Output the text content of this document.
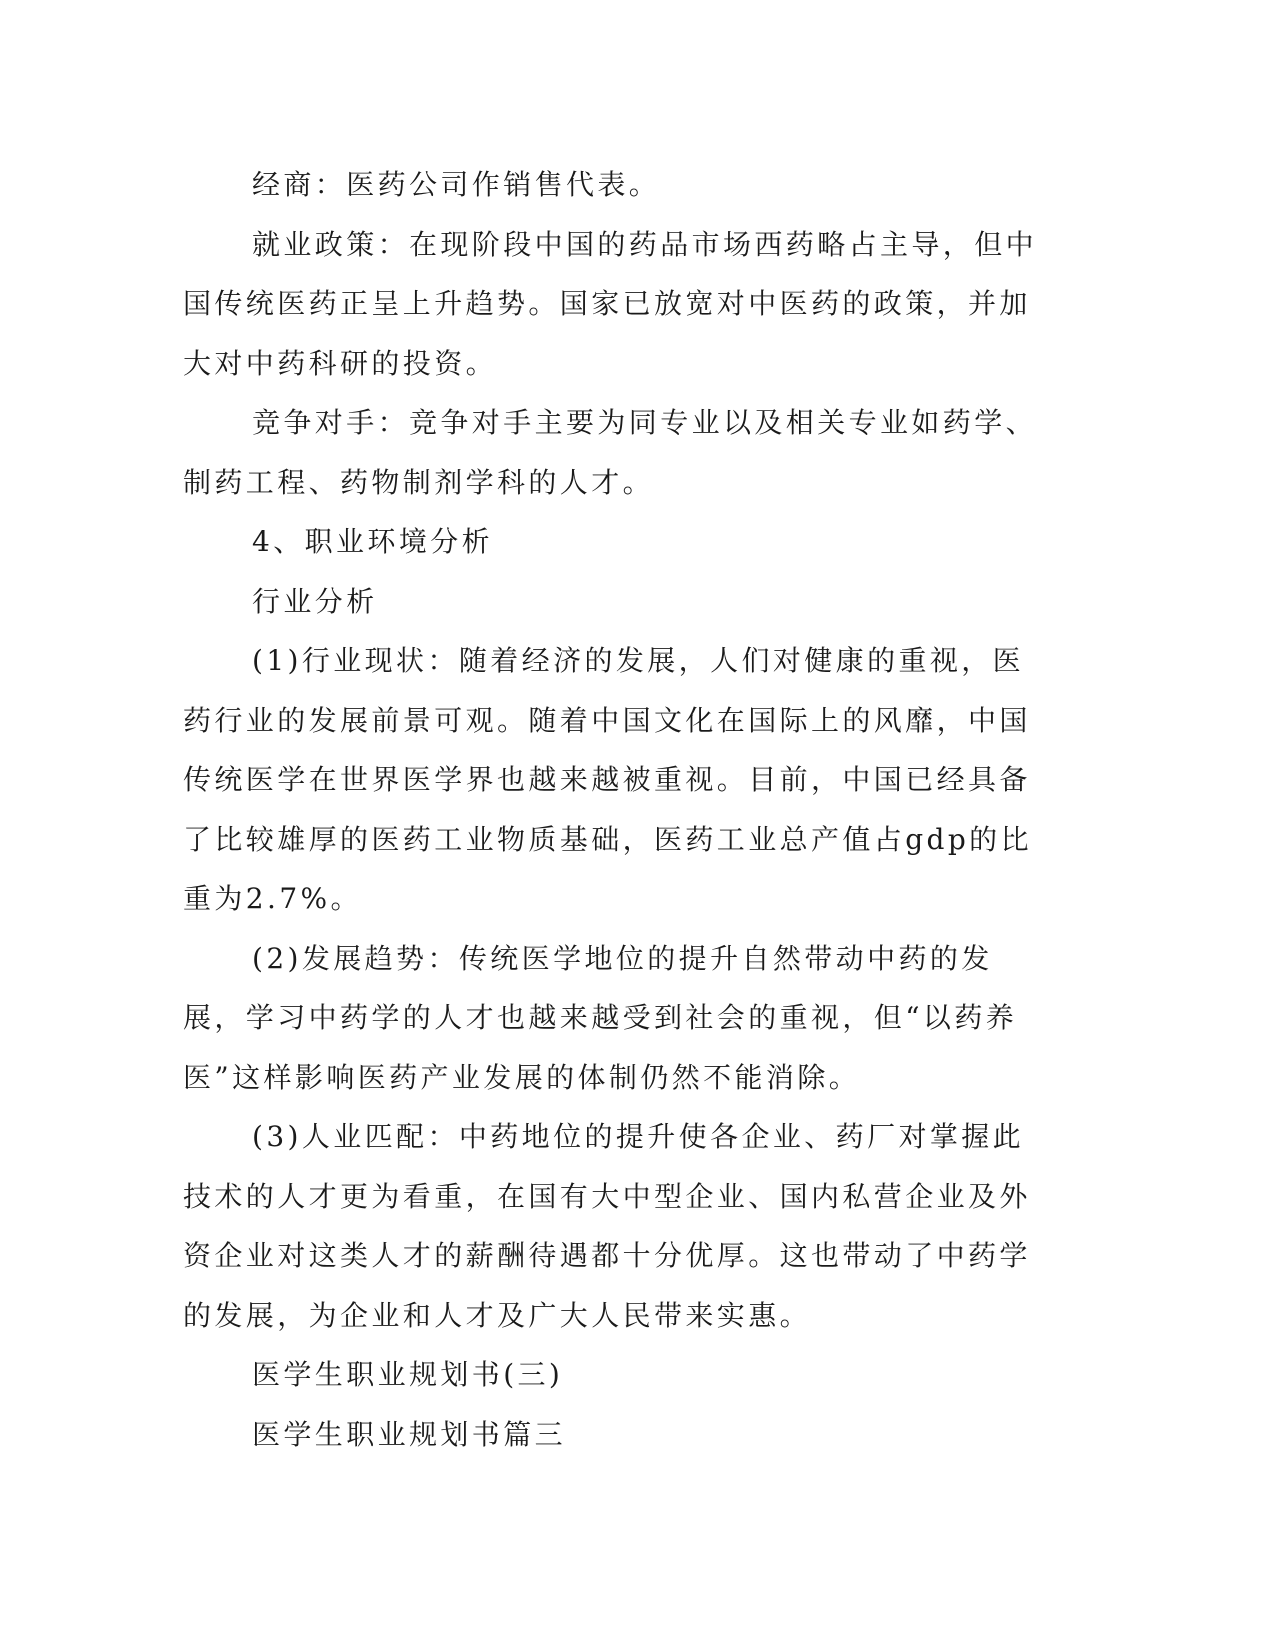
经商：医药公司作销售代表。

就业政策：在现阶段中国的药品市场西药略占主导，但中国传统医药正呈上升趋势。国家已放宽对中医药的政策，并加大对中药科研的投资。

竞争对手：竞争对手主要为同专业以及相关专业如药学、制药工程、药物制剂学科的人才。

4、职业环境分析

行业分析

(1)行业现状：随着经济的发展，人们对健康的重视，医药行业的发展前景可观。随着中国文化在国际上的风靡，中国传统医学在世界医学界也越来越被重视。目前，中国已经具备了比较雄厚的医药工业物质基础，医药工业总产值占gdp的比重为2.7%。

(2)发展趋势：传统医学地位的提升自然带动中药的发展，学习中药学的人才也越来越受到社会的重视，但“以药养医”这样影响医药产业发展的体制仍然不能消除。

(3)人业匹配：中药地位的提升使各企业、药厂对掌握此技术的人才更为看重，在国有大中型企业、国内私营企业及外资企业对这类人才的薪酬待遇都十分优厚。这也带动了中药学的发展，为企业和人才及广大人民带来实惠。

医学生职业规划书(三)

医学生职业规划书篇三
